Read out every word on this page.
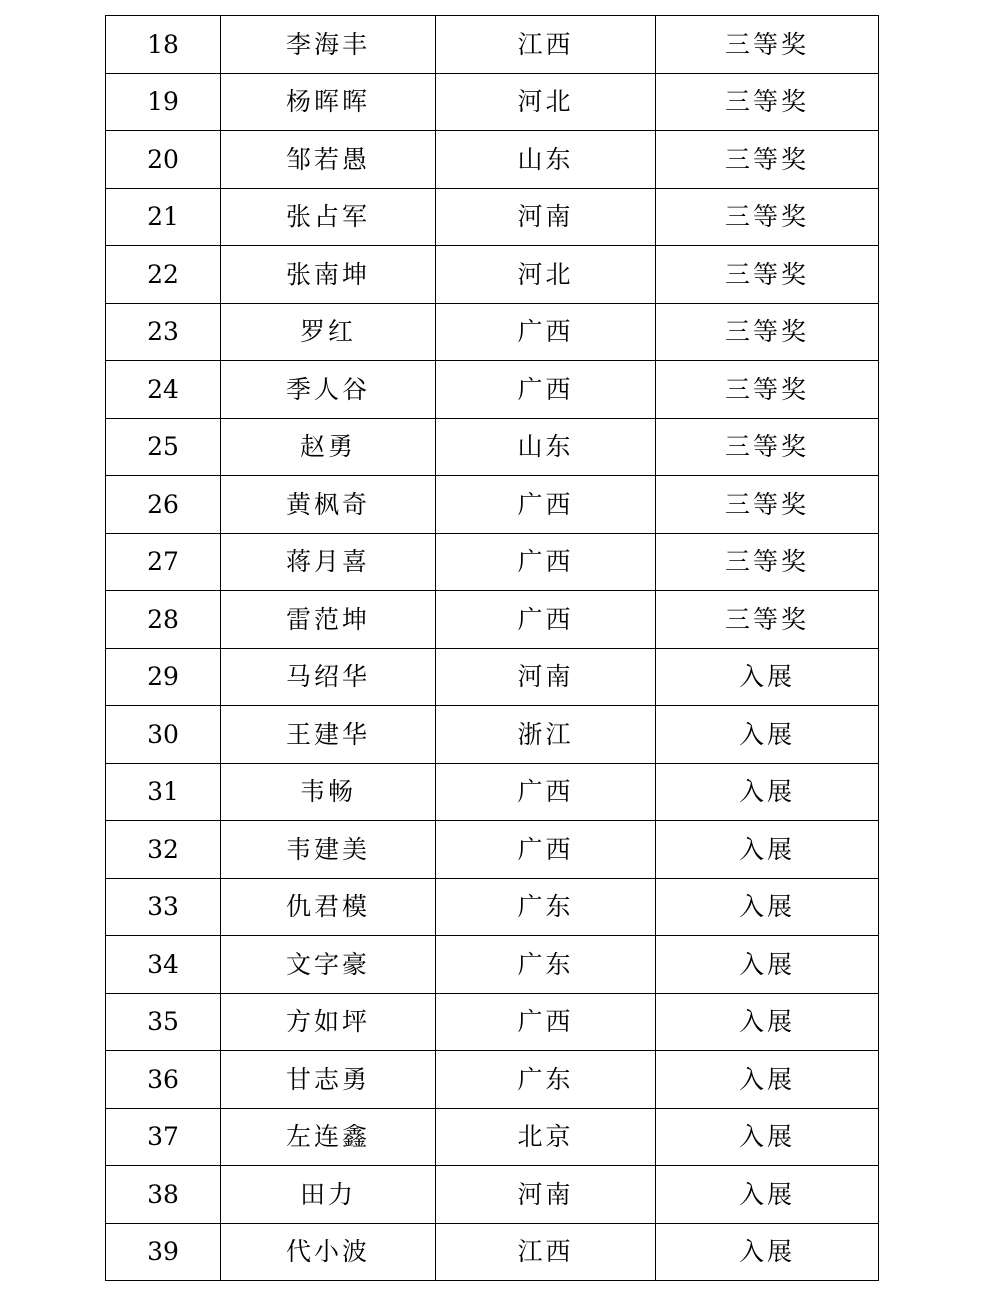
18	李海丰	江西	三等奖
19	杨晖晖	河北	三等奖
20	邹若愚	山东	三等奖
21	张占军	河南	三等奖
22	张南坤	河北	三等奖
23	罗红	广西	三等奖
24	季人谷	广西	三等奖
25	赵勇	山东	三等奖
26	黄枫奇	广西	三等奖
27	蒋月喜	广西	三等奖
28	雷范坤	广西	三等奖
29	马绍华	河南	入展
30	王建华	浙江	入展
31	韦畅	广西	入展
32	韦建美	广西	入展
33	仇君模	广东	入展
34	文字豪	广东	入展
35	方如坪	广西	入展
36	甘志勇	广东	入展
37	左连鑫	北京	入展
38	田力	河南	入展
39	代小波	江西	入展
